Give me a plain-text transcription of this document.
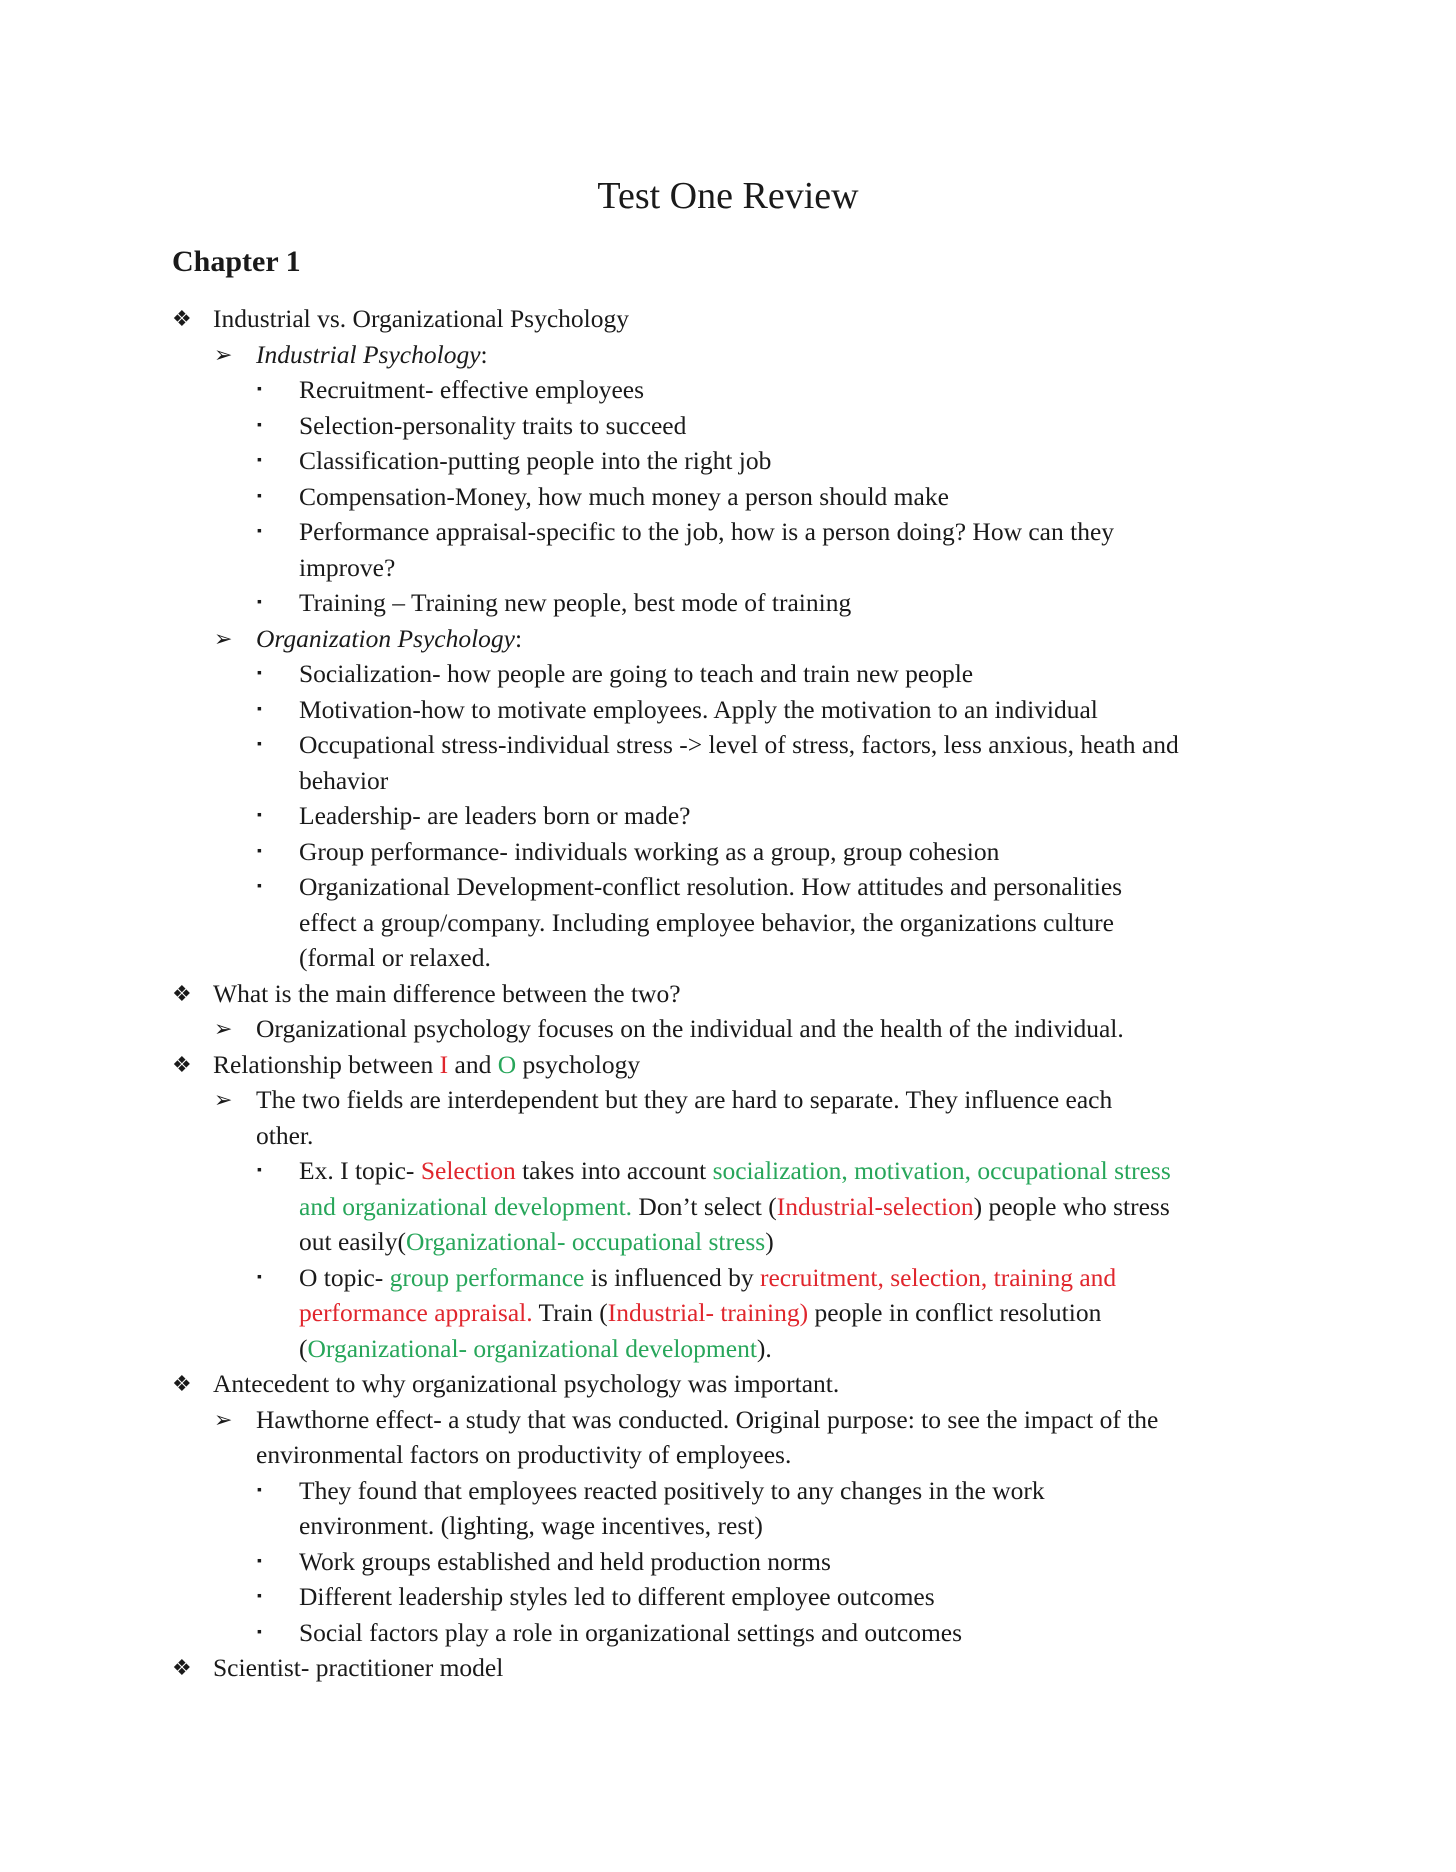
Test One Review
Chapter 1
❖ Industrial vs. Organizational Psychology
➢ Industrial Psychology:
▪ Recruitment- effective employees
▪ Selection-personality traits to succeed
▪ Classification-putting people into the right job
▪ Compensation-Money, how much money a person should make
▪ Performance appraisal-specific to the job, how is a person doing? How can they
improve?
▪ Training – Training new people, best mode of training
➢ Organization Psychology:
▪ Socialization- how people are going to teach and train new people
▪ Motivation-how to motivate employees. Apply the motivation to an individual
▪ Occupational stress-individual stress -> level of stress, factors, less anxious, heath and
behavior
▪ Leadership- are leaders born or made?
▪ Group performance- individuals working as a group, group cohesion
▪ Organizational Development-conflict resolution. How attitudes and personalities
effect a group/company. Including employee behavior, the organizations culture
(formal or relaxed.
❖ What is the main difference between the two?
➢ Organizational psychology focuses on the individual and the health of the individual.
❖ Relationship between I and O psychology
➢ The two fields are interdependent but they are hard to separate. They influence each
other.
▪ Ex. I topic- Selection takes into account socialization, motivation, occupational stress
and organizational development. Don’t select (Industrial-selection) people who stress
out easily(Organizational- occupational stress)
▪ O topic- group performance is influenced by recruitment, selection, training and
performance appraisal. Train (Industrial- training) people in conflict resolution
(Organizational- organizational development).
❖ Antecedent to why organizational psychology was important.
➢ Hawthorne effect- a study that was conducted. Original purpose: to see the impact of the
environmental factors on productivity of employees.
▪ They found that employees reacted positively to any changes in the work
environment. (lighting, wage incentives, rest)
▪ Work groups established and held production norms
▪ Different leadership styles led to different employee outcomes
▪ Social factors play a role in organizational settings and outcomes
❖ Scientist- practitioner model
